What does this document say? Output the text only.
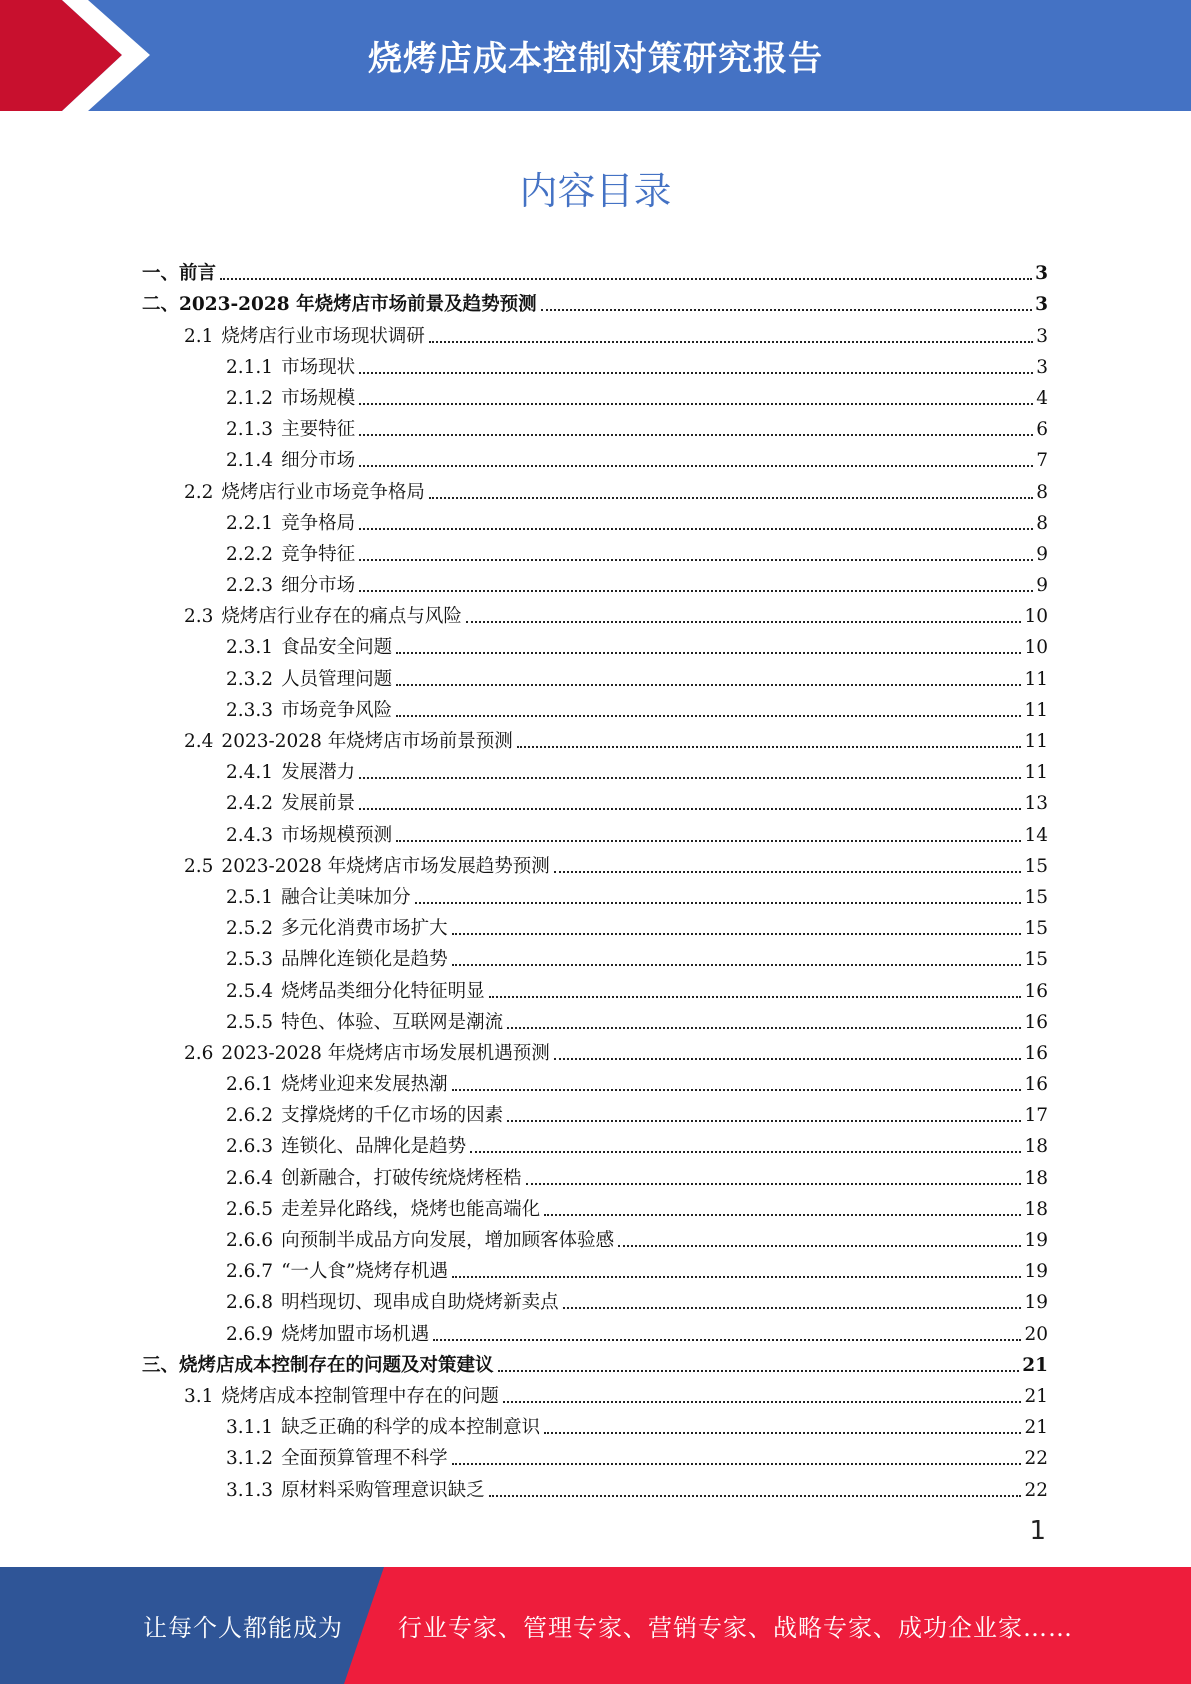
烧烤店成本控制对策研究报告
内容目录
一、 前言	3
二、 2023-2028 年烧烤店市场前景及趋势预测	3
2.1 烧烤店行业市场现状调研	3
2.1.1 市场现状	3
2.1.2 市场规模	4
2.1.3 主要特征	6
2.1.4 细分市场	7
2.2 烧烤店行业市场竞争格局	8
2.2.1 竞争格局	8
2.2.2 竞争特征	9
2.2.3 细分市场	9
2.3 烧烤店行业存在的痛点与风险	10
2.3.1 食品安全问题	10
2.3.2 人员管理问题	11
2.3.3 市场竞争风险	11
2.4 2023-2028 年烧烤店市场前景预测	11
2.4.1 发展潜力	11
2.4.2 发展前景	13
2.4.3 市场规模预测	14
2.5 2023-2028 年烧烤店市场发展趋势预测	15
2.5.1 融合让美味加分	15
2.5.2 多元化消费市场扩大	15
2.5.3 品牌化连锁化是趋势	15
2.5.4 烧烤品类细分化特征明显	16
2.5.5 特色、体验、互联网是潮流	16
2.6 2023-2028 年烧烤店市场发展机遇预测	16
2.6.1 烧烤业迎来发展热潮	16
2.6.2 支撑烧烤的千亿市场的因素	17
2.6.3 连锁化、品牌化是趋势	18
2.6.4 创新融合，打破传统烧烤桎梏	18
2.6.5 走差异化路线，烧烤也能高端化	18
2.6.6 向预制半成品方向发展，增加顾客体验感	19
2.6.7 “一人食”烧烤存机遇	19
2.6.8 明档现切、现串成自助烧烤新卖点	19
2.6.9 烧烤加盟市场机遇	20
三、 烧烤店成本控制存在的问题及对策建议	21
3.1 烧烤店成本控制管理中存在的问题	21
3.1.1 缺乏正确的科学的成本控制意识	21
3.1.2 全面预算管理不科学	22
3.1.3 原材料采购管理意识缺乏	22
1
让每个人都能成为 行业专家、管理专家、营销专家、战略专家、成功企业家……
